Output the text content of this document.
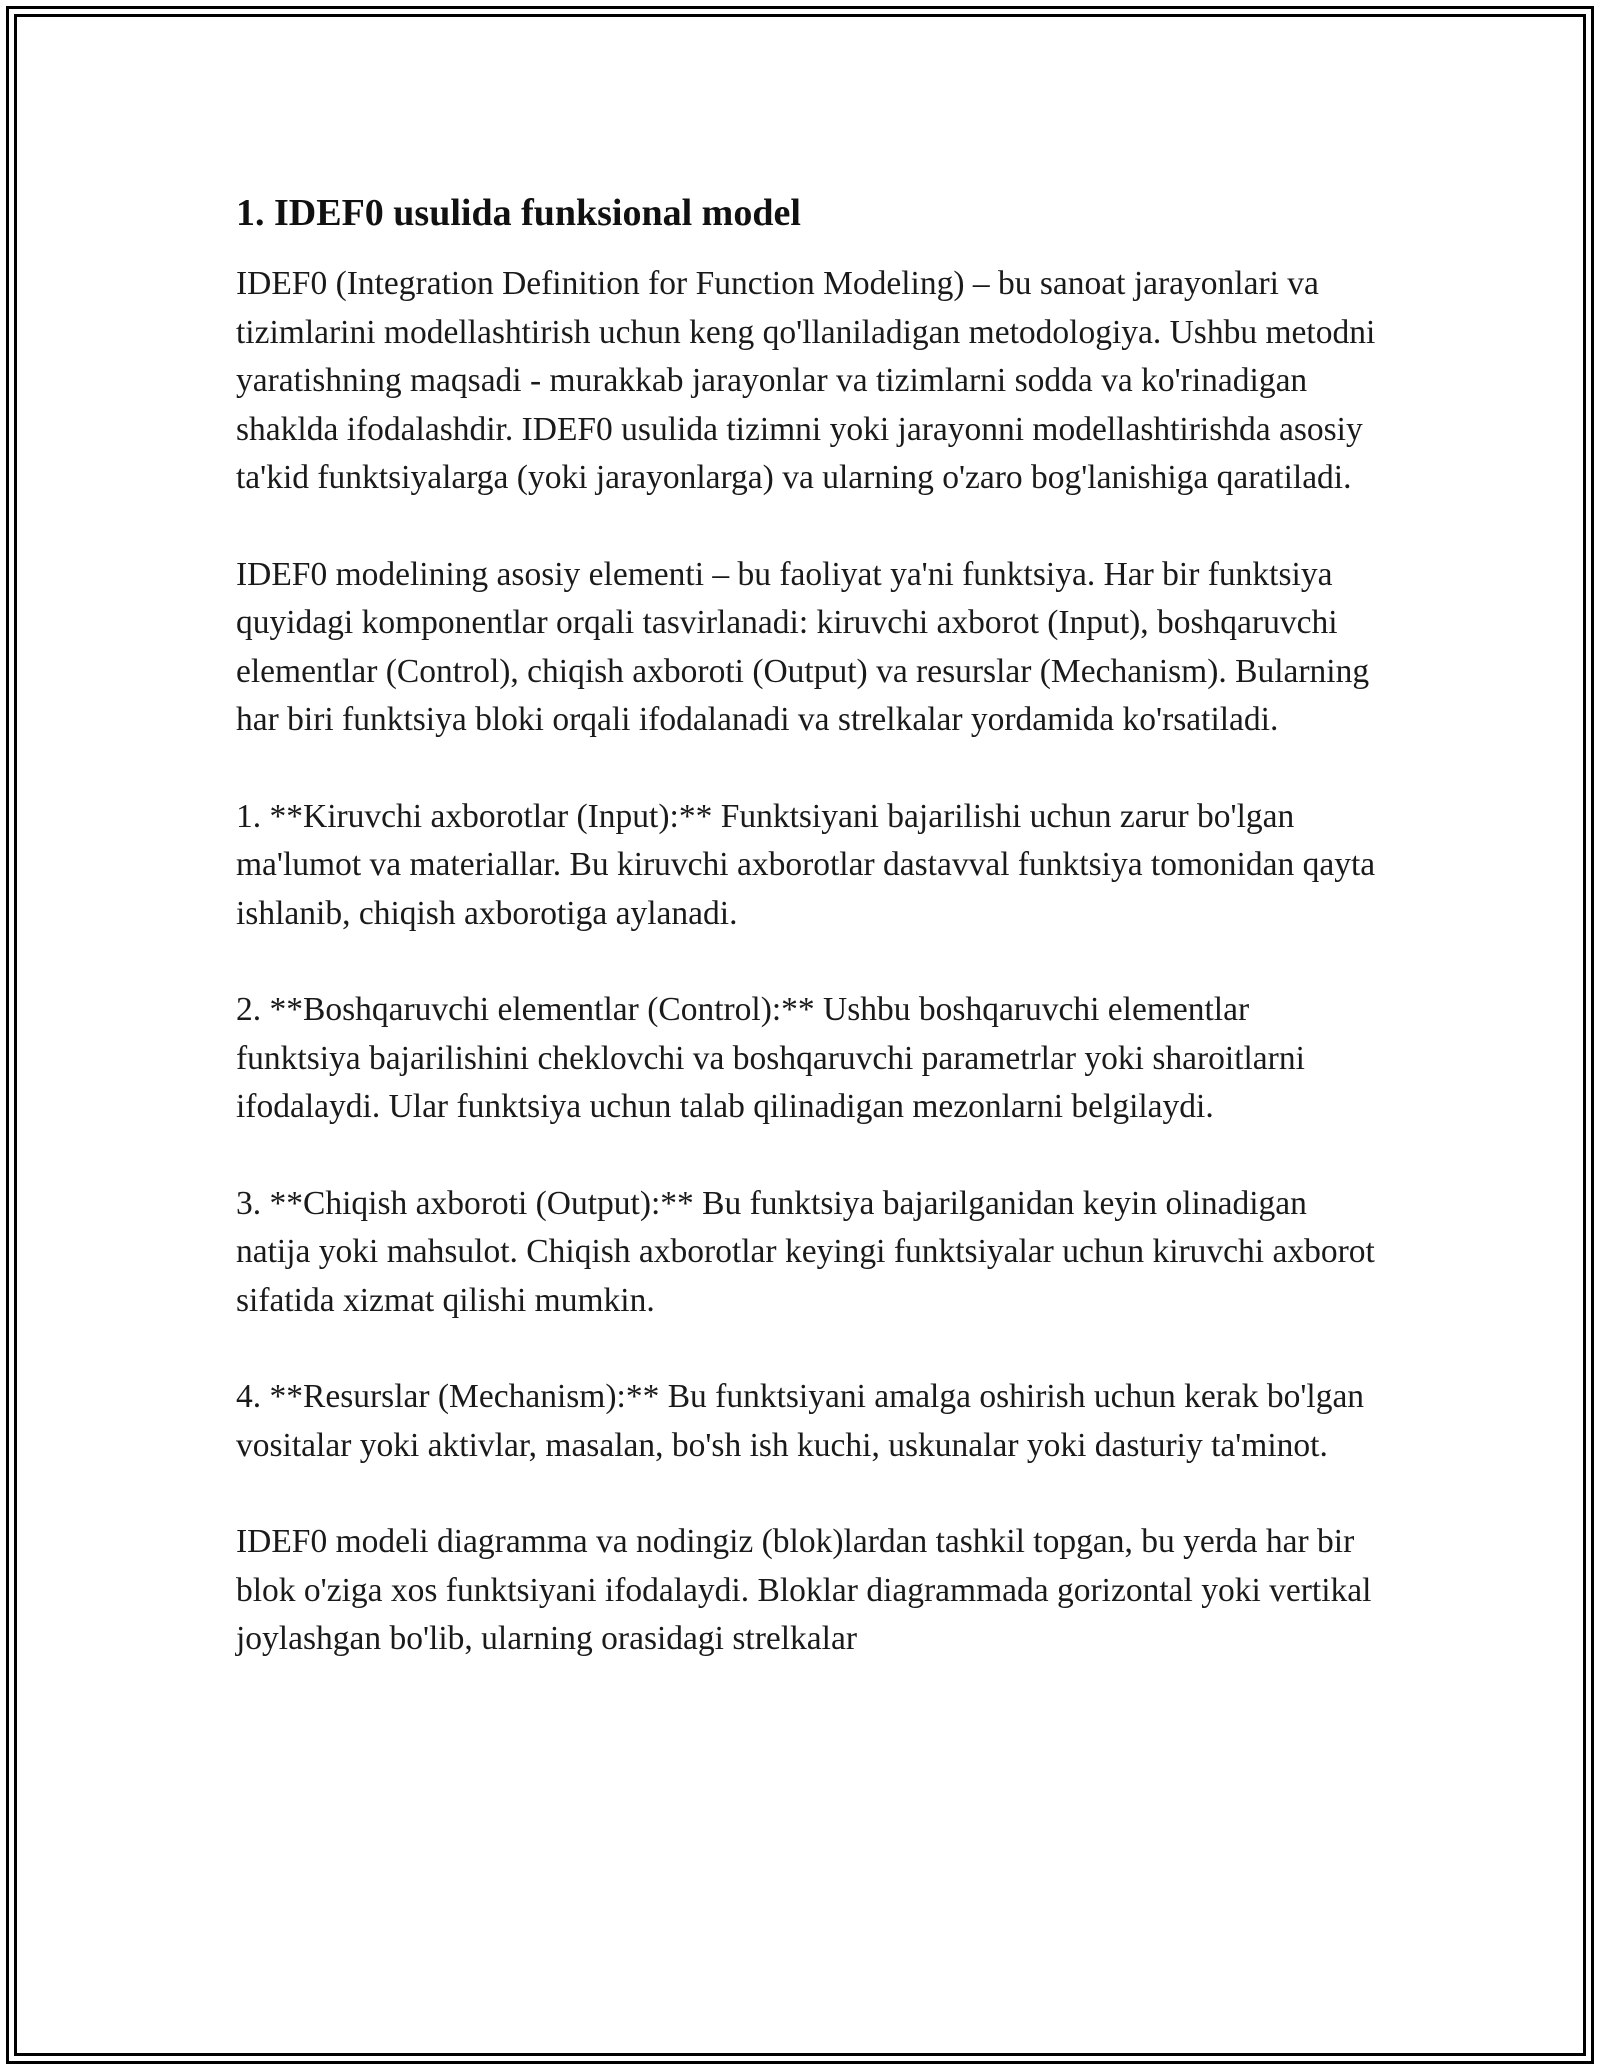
1. IDEF0 usulida funksional model

IDEF0 (Integration Definition for Function Modeling) – bu sanoat jarayonlari va tizimlarini modellashtirish uchun keng qo'llaniladigan metodologiya. Ushbu metodni yaratishning maqsadi - murakkab jarayonlar va tizimlarni sodda va ko'rinadigan shaklda ifodalashdir. IDEF0 usulida tizimni yoki jarayonni modellashtirishda asosiy ta'kid funktsiyalarga (yoki jarayonlarga) va ularning o'zaro bog'lanishiga qaratiladi.

IDEF0 modelining asosiy elementi – bu faoliyat ya'ni funktsiya. Har bir funktsiya quyidagi komponentlar orqali tasvirlanadi: kiruvchi axborot (Input), boshqaruvchi elementlar (Control), chiqish axboroti (Output) va resurslar (Mechanism). Bularning har biri funktsiya bloki orqali ifodalanadi va strelkalar yordamida ko'rsatiladi.

1. **Kiruvchi axborotlar (Input):** Funktsiyani bajarilishi uchun zarur bo'lgan ma'lumot va materiallar. Bu kiruvchi axborotlar dastavval funktsiya tomonidan qayta ishlanib, chiqish axborotiga aylanadi.

2. **Boshqaruvchi elementlar (Control):** Ushbu boshqaruvchi elementlar funktsiya bajarilishini cheklovchi va boshqaruvchi parametrlar yoki sharoitlarni ifodalaydi. Ular funktsiya uchun talab qilinadigan mezonlarni belgilaydi.

3. **Chiqish axboroti (Output):** Bu funktsiya bajarilganidan keyin olinadigan natija yoki mahsulot. Chiqish axborotlar keyingi funktsiyalar uchun kiruvchi axborot sifatida xizmat qilishi mumkin.

4. **Resurslar (Mechanism):** Bu funktsiyani amalga oshirish uchun kerak bo'lgan vositalar yoki aktivlar, masalan, bo'sh ish kuchi, uskunalar yoki dasturiy ta'minot.

IDEF0 modeli diagramma va nodingiz (blok)lardan tashkil topgan, bu yerda har bir blok o'ziga xos funktsiyani ifodalaydi. Bloklar diagrammada gorizontal yoki vertikal joylashgan bo'lib, ularning orasidagi strelkalar
